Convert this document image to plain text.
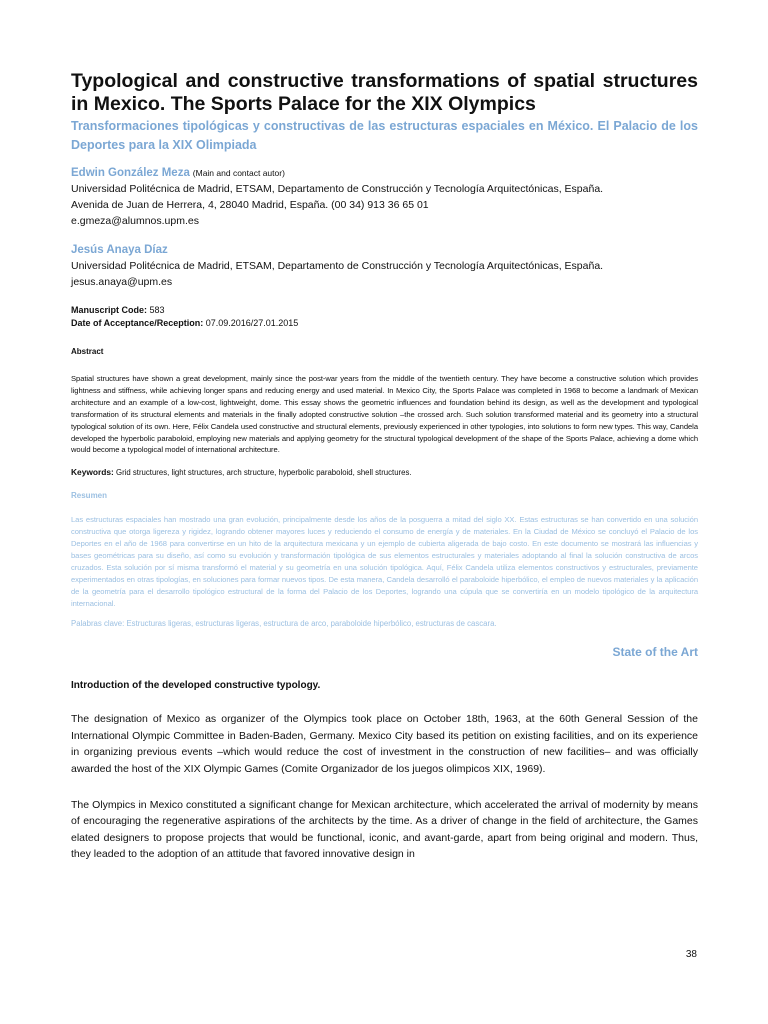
Typological and constructive transformations of spatial structures in Mexico. The Sports Palace for the XIX Olympics
Transformaciones tipológicas y constructivas de las estructuras espaciales en México. El Palacio de los Deportes para la XIX Olimpiada
Edwin González Meza (Main and contact autor)
Universidad Politécnica de Madrid, ETSAM, Departamento de Construcción y Tecnología Arquitectónicas, España.
Avenida de Juan de Herrera, 4, 28040 Madrid, España. (00 34) 913 36 65 01
e.gmeza@alumnos.upm.es
Jesús Anaya Díaz
Universidad Politécnica de Madrid, ETSAM, Departamento de Construcción y Tecnología Arquitectónicas, España.
jesus.anaya@upm.es
Manuscript Code: 583
Date of Acceptance/Reception: 07.09.2016/27.01.2015
Abstract
Spatial structures have shown a great development, mainly since the post-war years from the middle of the twentieth century. They have become a constructive solution which provides lightness and stiffness, while achieving longer spans and reducing energy and used material. In Mexico City, the Sports Palace was completed in 1968 to become a landmark of Mexican architecture and an example of a low-cost, lightweight, dome. This essay shows the geometric influences and foundation behind its design, as well as the development and typological transformation of its structural elements and materials in the finally adopted constructive solution –the crossed arch. Such solution transformed material and its geometry into a structural typological solution of its own. Here, Félix Candela used constructive and structural elements, previously experienced in other typologies, into solutions to form new types. This way, Candela developed the hyperbolic paraboloid, employing new materials and applying geometry for the structural typological development of the shape of the Sports Palace, achieving a dome which would become a typological model of international architecture.
Keywords: Grid structures, light structures, arch structure, hyperbolic paraboloid, shell structures.
Resumen
Las estructuras espaciales han mostrado una gran evolución, principalmente desde los años de la posguerra a mitad del siglo XX. Estas estructuras se han convertido en una solución constructiva que otorga ligereza y rigidez, logrando obtener mayores luces y reduciendo el consumo de energía y de materiales. En la Ciudad de México se concluyó el Palacio de los Deportes en el año de 1968 para convertirse en un hito de la arquitectura mexicana y un ejemplo de cubierta aligerada de bajo costo. En este documento se mostrará las influencias y bases geométricas para su diseño, así como su evolución y transformación tipológica de sus elementos estructurales y materiales adoptando al final la solución constructiva de arcos cruzados. Esta solución por sí misma transformó el material y su geometría en una solución tipológica. Aquí, Félix Candela utiliza elementos constructivos y estructurales, previamente experimentados en otras tipologías, en soluciones para formar nuevos tipos. De esta manera, Candela desarrolló el paraboloide hiperbólico, el empleo de nuevos materiales y la aplicación de la geometría para el desarrollo tipológico estructural de la forma del Palacio de los Deportes, logrando una cúpula que se convertiría en un modelo tipológico de la arquitectura internacional.
Palabras clave: Estructuras ligeras, estructuras ligeras, estructura de arco, paraboloide hiperbólico, estructuras de cascara.
State of the Art
Introduction of the developed constructive typology.

The designation of Mexico as organizer of the Olympics took place on October 18th, 1963, at the 60th General Session of the International Olympic Committee in Baden-Baden, Germany. Mexico City based its petition on existing facilities, and on its experience in organizing previous events –which would reduce the cost of investment in the construction of new facilities– and was officially awarded the host of the XIX Olympic Games (Comite Organizador de los juegos olimpicos XIX, 1969).

The Olympics in Mexico constituted a significant change for Mexican architecture, which accelerated the arrival of modernity by means of encouraging the regenerative aspirations of the architects by the time. As a driver of change in the field of architecture, the Games elated designers to propose projects that would be functional, iconic, and avant-garde, apart from being original and modern. Thus, they leaded to the adoption of an attitude that favored innovative design in

38
